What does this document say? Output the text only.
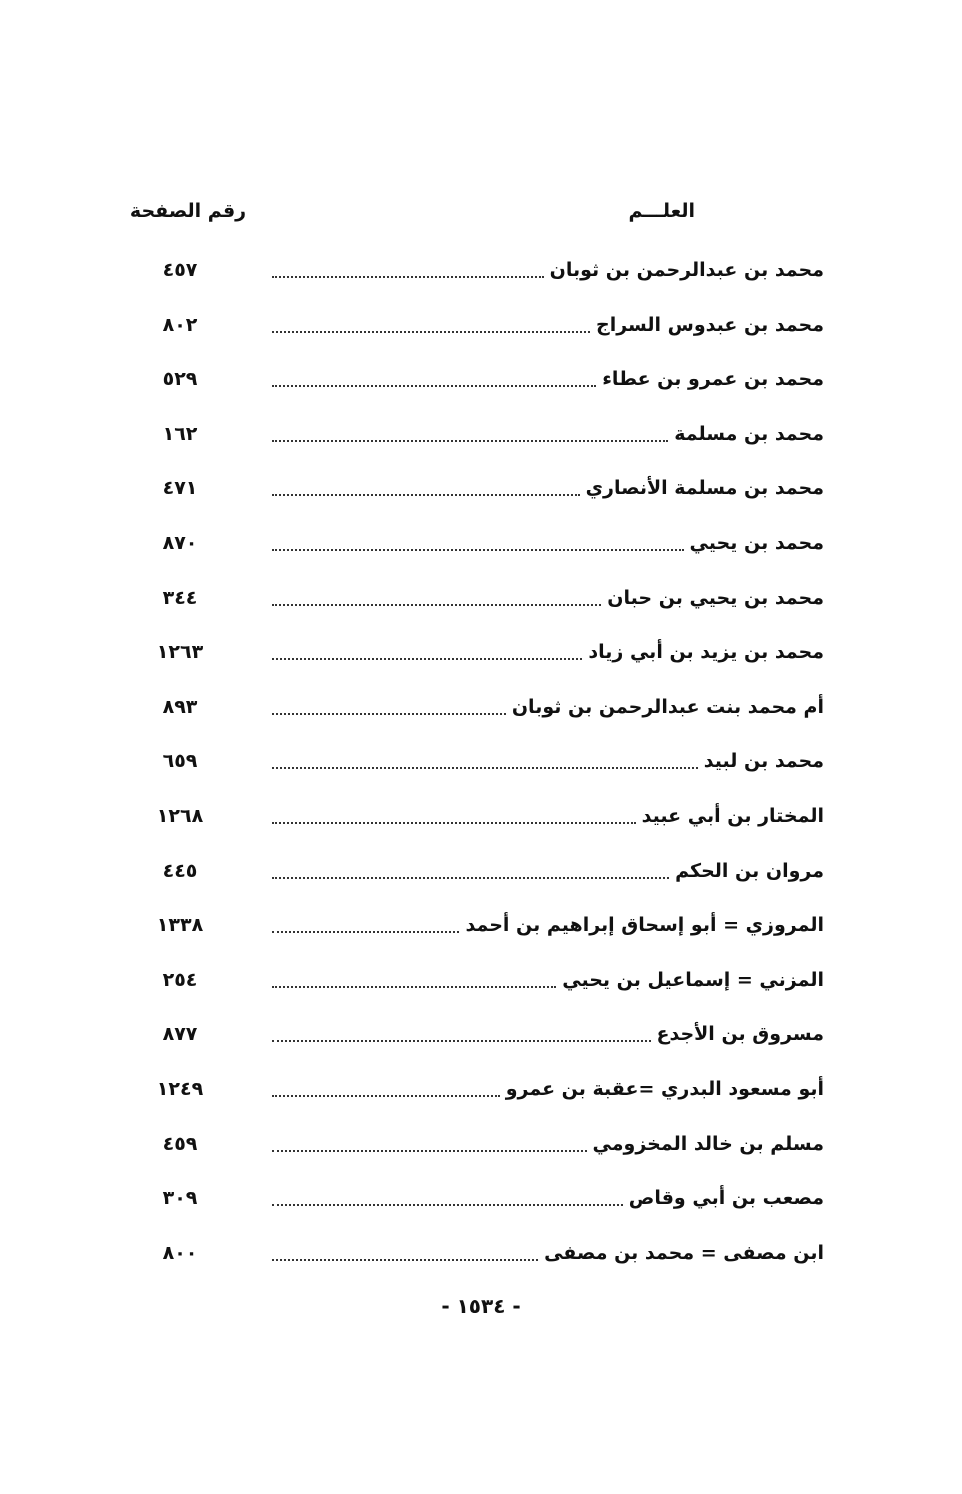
العلـــم
رقم الصفحة
محمد بن عبدالرحمن بن ثوبان
٤٥٧
محمد بن عبدوس السراج
٨٠٢
محمد بن عمرو بن عطاء
٥٢٩
محمد بن مسلمة
١٦٢
محمد بن مسلمة الأنصاري
٤٧١
محمد بن يحيي
٨٧٠
محمد بن يحيي بن حبان
٣٤٤
محمد بن يزيد بن أبي زياد
١٢٦٣
أم محمد بنت عبدالرحمن بن ثوبان
٨٩٣
محمد بن لبيد
٦٥٩
المختار بن أبي عبيد
١٢٦٨
مروان بن الحكم
٤٤٥
المروزي = أبو إسحاق إبراهيم بن أحمد
١٣٣٨
المزني = إسماعيل بن يحيي
٢٥٤
مسروق بن الأجدع
٨٧٧
أبو مسعود البدري =عقبة بن عمرو
١٢٤٩
مسلم بن خالد المخزومي
٤٥٩
مصعب بن أبي وقاص
٣٠٩
ابن مصفى = محمد بن مصفى
٨٠٠
- ١٥٣٤ -
